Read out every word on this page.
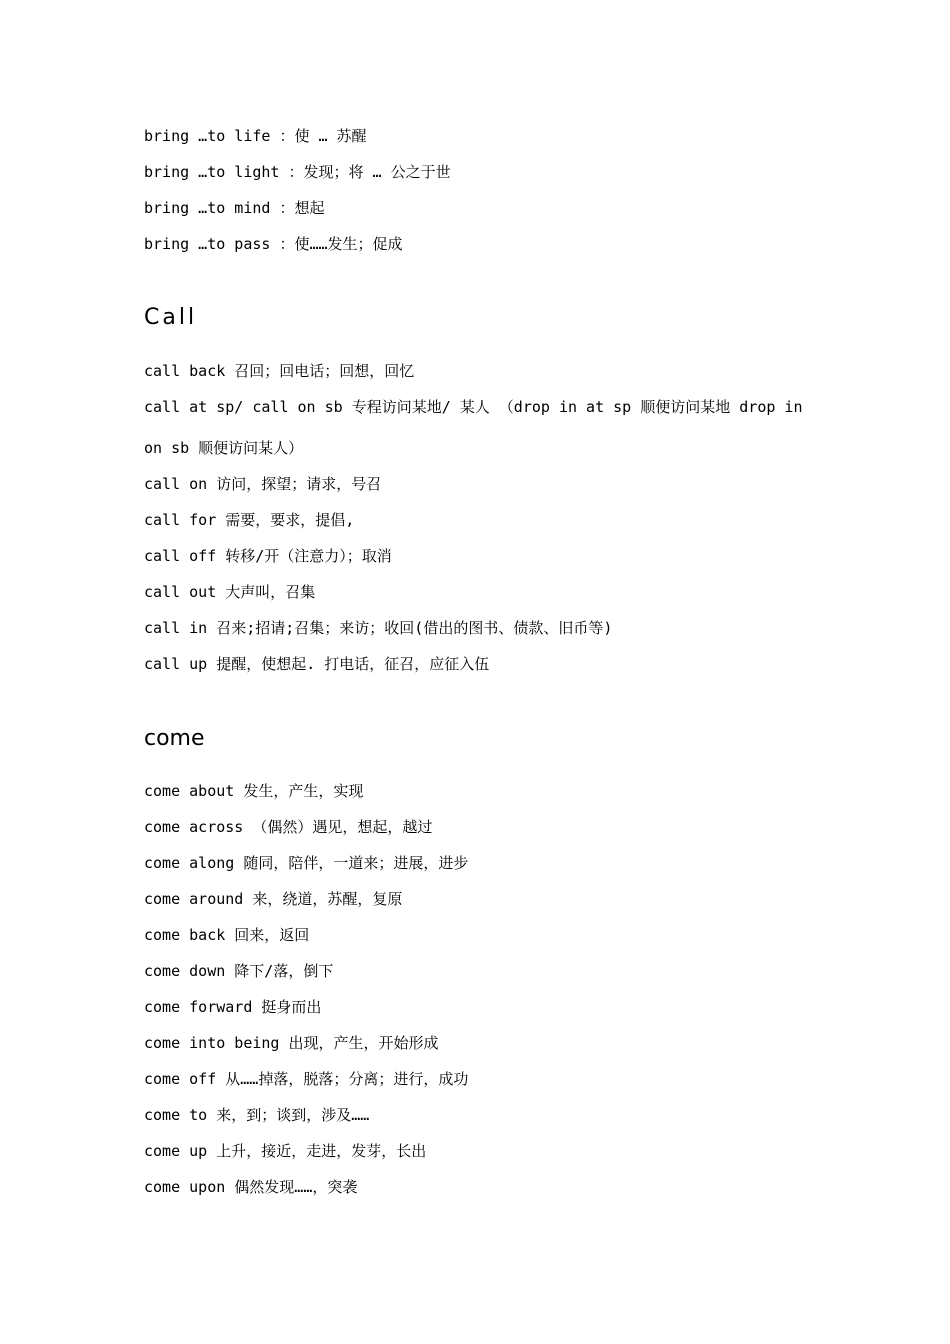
bring …to life ：使 … 苏醒
bring …to light ：发现；将 … 公之于世
bring …to mind ：想起
bring …to pass ：使……发生；促成
Call
call back 召回；回电话；回想，回忆
call at sp/ call on sb 专程访问某地/ 某人 （drop in at sp 顺便访问某地 drop in
on sb 顺便访问某人）
call on 访问，探望；请求，号召
call for 需要，要求，提倡,
call off 转移/开（注意力）；取消
call out 大声叫，召集
call in 召来;招请;召集；来访；收回(借出的图书、债款、旧币等)
call up 提醒，使想起. 打电话，征召，应征入伍
come
come about 发生，产生，实现
come across （偶然）遇见，想起，越过
come along 随同，陪伴，一道来；进展，进步
come around 来，绕道，苏醒，复原
come back 回来，返回
come down 降下/落，倒下
come forward 挺身而出
come into being 出现，产生，开始形成
come off 从……掉落，脱落；分离；进行，成功
come to 来，到；谈到，涉及……
come up 上升，接近，走进，发芽，长出
come upon 偶然发现……，突袭
